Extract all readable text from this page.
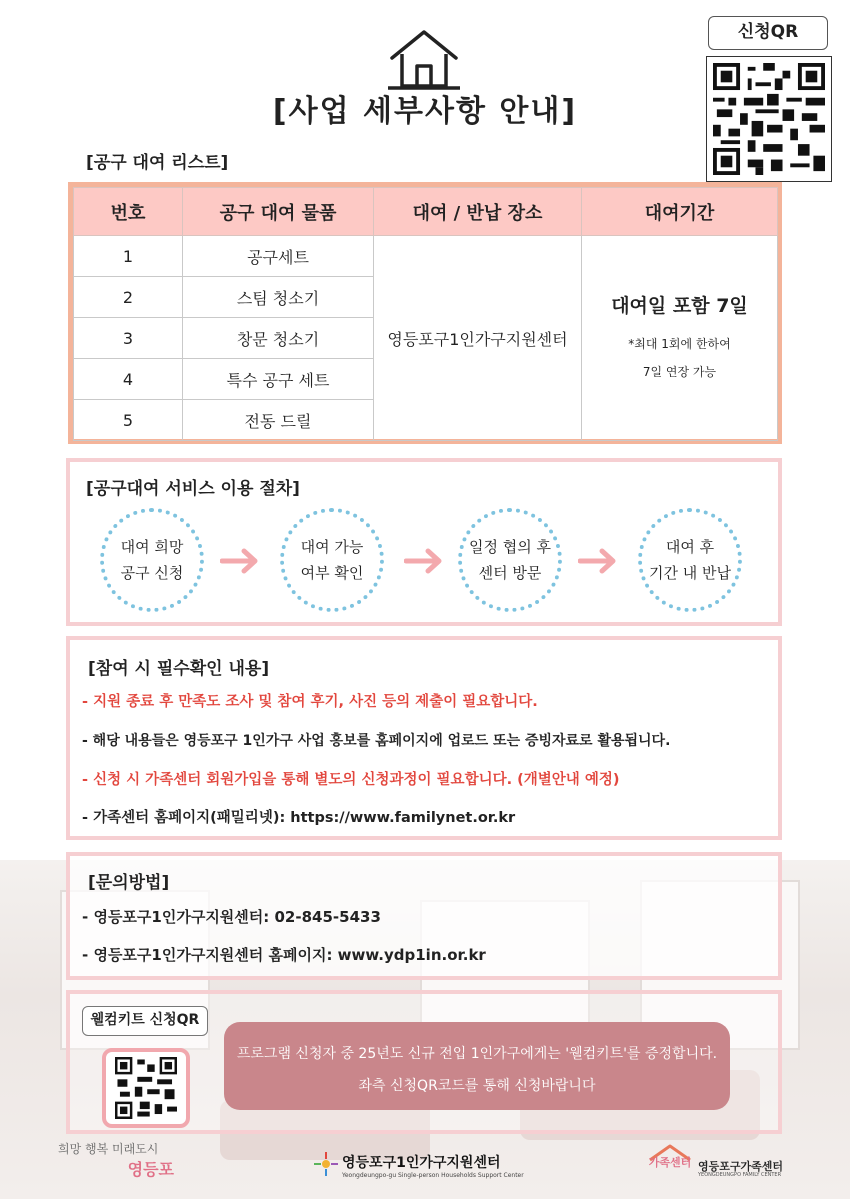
[사업 세부사항 안내]
신청QR
[공구 대여 리스트]
번호	공구 대여 물품	대여 / 반납 장소	대여기간
1	공구세트	영등포구1인가구지원센터	대여일 포함 7일
*최대 1회에 한하여
7일 연장 가능

2	스팀 청소기		
3	창문 청소기		
4	특수 공구 세트		
5	전동 드릴		
[공구대여 서비스 이용 절차]
대여 희망
공구 신청
대여 가능
여부 확인
일정 협의 후
센터 방문
대여 후
기간 내 반납
[참여 시 필수확인 내용]
- 지원 종료 후 만족도 조사 및 참여 후기, 사진 등의 제출이 필요합니다.
- 해당 내용들은 영등포구 1인가구 사업 홍보를 홈페이지에 업로드 또는 증빙자료로 활용됩니다.
- 신청 시 가족센터 회원가입을 통해 별도의 신청과정이 필요합니다. (개별안내 예정)
- 가족센터 홈페이지(패밀리넷): https://www.familynet.or.kr
[문의방법]
- 영등포구1인가구지원센터: 02-845-5433
- 영등포구1인가구지원센터 홈페이지: www.ydp1in.or.kr
웰컴키트 신청QR
프로그램 신청자 중 25년도 신규 전입 1인가구에게는 '웰컴키트'를 증정합니다.
좌측 신청QR코드를 통해 신청바랍니다
희망 행복 미래도시
영등포	영등포구1인가구지원센터
Yeongdeungpo-gu Single-person Households Support Center
가족센터 영등포구가족센터
YEONGDEUNGPO FAMILY CENTER
